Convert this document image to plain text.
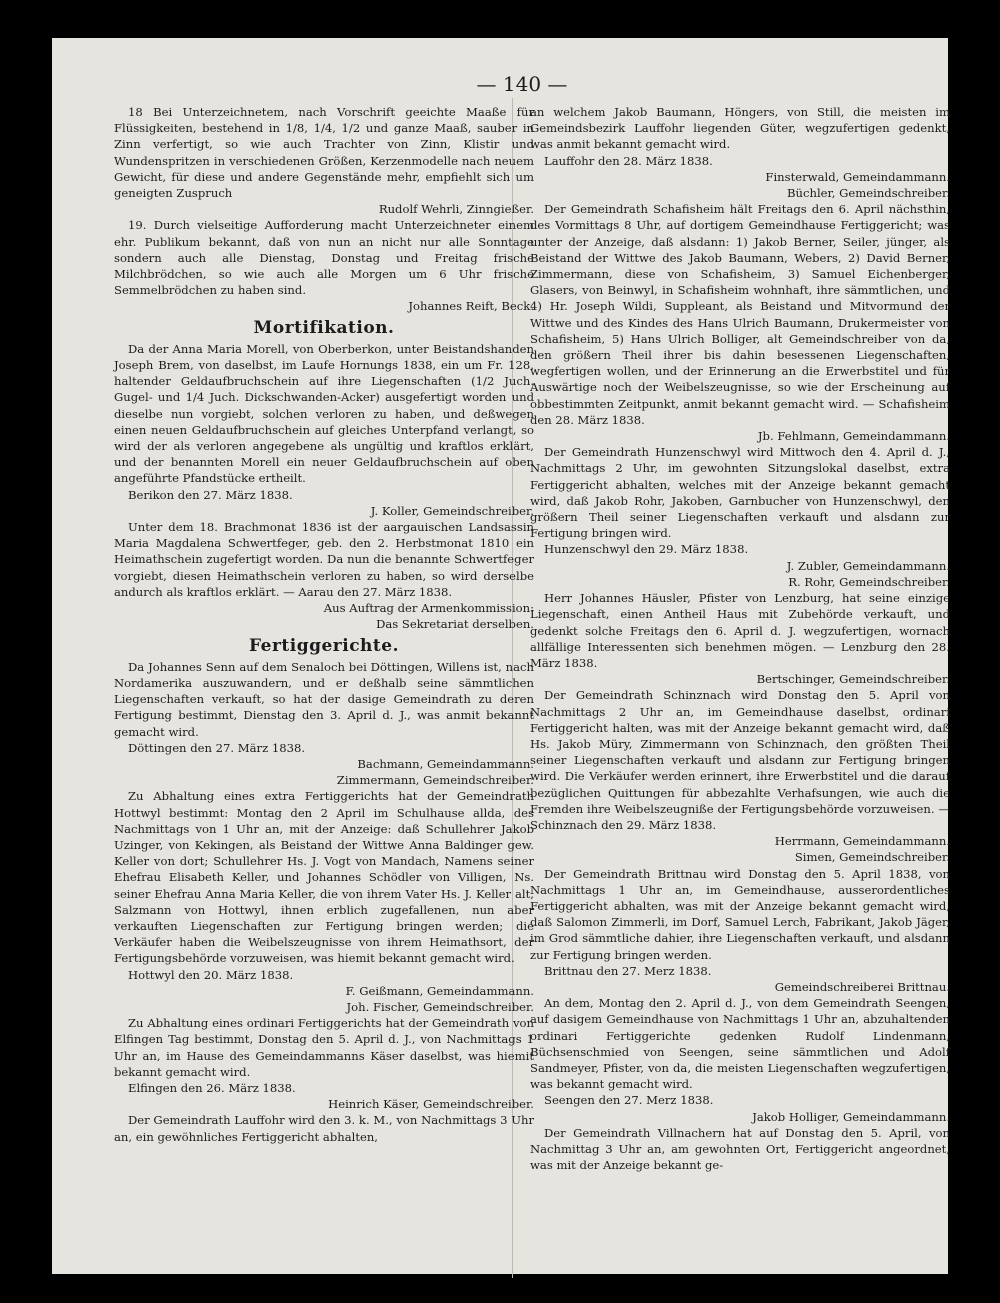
— 140 —

18 Bei Unterzeichnetem, nach Vorschrift geeichte Maaße für Flüssigkeiten, bestehend in 1/8, 1/4, 1/2 und ganze Maaß, sauber in Zinn verfertigt, so wie auch Trachter von Zinn, Klistir und Wundenspritzen in verschiedenen Größen, Kerzenmodelle nach neuem Gewicht, für diese und andere Gegenstände mehr, empfiehlt sich um geneigten Zuspruch

Rudolf Wehrli, Zinngießer.

19. Durch vielseitige Aufforderung macht Unterzeichneter einem ehr. Publikum bekannt, daß von nun an nicht nur alle Sonntage sondern auch alle Dienstag, Donstag und Freitag frische Milchbrödchen, so wie auch alle Morgen um 6 Uhr frische Semmelbrödchen zu haben sind.

Johannes Reift, Beck.

Mortifikation.

Da der Anna Maria Morell, von Oberberkon, unter Beistandshanden Joseph Brem, von daselbst, im Laufe Hornungs 1838, ein um Fr. 128. haltender Geldaufbruchschein auf ihre Liegenschaften (1/2 Juch. Gugel- und 1/4 Juch. Dickschwanden-Acker) ausgefertigt worden und dieselbe nun vorgiebt, solchen verloren zu haben, und deßwegen einen neuen Geldaufbruchschein auf gleiches Unterpfand verlangt, so wird der als verloren angegebene als ungültig und kraftlos erklärt, und der benannten Morell ein neuer Geldaufbruchschein auf oben angeführte Pfandstücke ertheilt.

Berikon den 27. März 1838.

J. Koller, Gemeindschreiber.

Unter dem 18. Brachmonat 1836 ist der aargauischen Landsassin Maria Magdalena Schwertfeger, geb. den 2. Herbstmonat 1810 ein Heimathschein zugefertigt worden. Da nun die benannte Schwertfeger vorgiebt, diesen Heimathschein verloren zu haben, so wird derselbe andurch als kraftlos erklärt. — Aarau den 27. März 1838.

Aus Auftrag der Armenkommission:

Das Sekretariat derselben.

Fertiggerichte.

Da Johannes Senn auf dem Senaloch bei Döttingen, Willens ist, nach Nordamerika auszuwandern, und er deßhalb seine sämmtlichen Liegenschaften verkauft, so hat der dasige Gemeindrath zu deren Fertigung bestimmt, Dienstag den 3. April d. J., was anmit bekannt gemacht wird.

Döttingen den 27. März 1838.

Bachmann, Gemeindammann.

Zimmermann, Gemeindschreiber.

Zu Abhaltung eines extra Fertiggerichts hat der Gemeindrath Hottwyl bestimmt: Montag den 2 April im Schulhause allda, des Nachmittags von 1 Uhr an, mit der Anzeige: daß Schullehrer Jakob Uzinger, von Kekingen, als Beistand der Wittwe Anna Baldinger gew. Keller von dort; Schullehrer Hs. J. Vogt von Mandach, Namens seiner Ehefrau Elisabeth Keller, und Johannes Schödler von Villigen, Ns. seiner Ehefrau Anna Maria Keller, die von ihrem Vater Hs. J. Keller alt, Salzmann von Hottwyl, ihnen erblich zugefallenen, nun aber verkauften Liegenschaften zur Fertigung bringen werden; die Verkäufer haben die Weibelszeugnisse von ihrem Heimathsort, der Fertigungsbehörde vorzuweisen, was hiemit bekannt gemacht wird.

Hottwyl den 20. März 1838.

F. Geißmann, Gemeindammann.

Joh. Fischer, Gemeindschreiber.

Zu Abhaltung eines ordinari Fertiggerichts hat der Gemeindrath von Elfingen Tag bestimmt, Donstag den 5. April d. J., von Nachmittags 1 Uhr an, im Hause des Gemeindammanns Käser daselbst, was hiemit bekannt gemacht wird.

Elfingen den 26. März 1838.

Heinrich Käser, Gemeindschreiber.

Der Gemeindrath Lauffohr wird den 3. k. M., von Nachmittags 3 Uhr an, ein gewöhnliches Fertiggericht abhalten,

an welchem Jakob Baumann, Höngers, von Still, die meisten im Gemeindsbezirk Lauffohr liegenden Güter, wegzufertigen gedenkt, was anmit bekannt gemacht wird.

Lauffohr den 28. März 1838.

Finsterwald, Gemeindammann.

Büchler, Gemeindschreiber.

Der Gemeindrath Schafisheim hält Freitags den 6. April nächsthin, des Vormittags 8 Uhr, auf dortigem Gemeindhause Fertiggericht; was unter der Anzeige, daß alsdann: 1) Jakob Berner, Seiler, jünger, als Beistand der Wittwe des Jakob Baumann, Webers, 2) David Berner, Zimmermann, diese von Schafisheim, 3) Samuel Eichenberger, Glasers, von Beinwyl, in Schafisheim wohnhaft, ihre sämmtlichen, und 4) Hr. Joseph Wildi, Suppleant, als Beistand und Mitvormund der Wittwe und des Kindes des Hans Ulrich Baumann, Drukermeister von Schafisheim, 5) Hans Ulrich Bolliger, alt Gemeindschreiber von da, den größern Theil ihrer bis dahin besessenen Liegenschaften, wegfertigen wollen, und der Erinnerung an die Erwerbstitel und für Auswärtige noch der Weibelszeugnisse, so wie der Erscheinung auf obbestimmten Zeitpunkt, anmit bekannt gemacht wird. — Schafisheim den 28. März 1838.

Jb. Fehlmann, Gemeindammann.

Der Gemeindrath Hunzenschwyl wird Mittwoch den 4. April d. J., Nachmittags 2 Uhr, im gewohnten Sitzungslokal daselbst, extra Fertiggericht abhalten, welches mit der Anzeige bekannt gemacht wird, daß Jakob Rohr, Jakoben, Garnbucher von Hunzenschwyl, den größern Theil seiner Liegenschaften verkauft und alsdann zur Fertigung bringen wird.

Hunzenschwyl den 29. März 1838.

J. Zubler, Gemeindammann.

R. Rohr, Gemeindschreiber.

Herr Johannes Häusler, Pfister von Lenzburg, hat seine einzige Liegenschaft, einen Antheil Haus mit Zubehörde verkauft, und gedenkt solche Freitags den 6. April d. J. wegzufertigen, wornach allfällige Interessenten sich benehmen mögen. — Lenzburg den 28. März 1838.

Bertschinger, Gemeindschreiber.

Der Gemeindrath Schinznach wird Donstag den 5. April von Nachmittags 2 Uhr an, im Gemeindhause daselbst, ordinari Fertiggericht halten, was mit der Anzeige bekannt gemacht wird, daß Hs. Jakob Müry, Zimmermann von Schinznach, den größten Theil seiner Liegenschaften verkauft und alsdann zur Fertigung bringen wird. Die Verkäufer werden erinnert, ihre Erwerbstitel und die darauf bezüglichen Quittungen für abbezahlte Verhafsungen, wie auch die Fremden ihre Weibelszeugniße der Fertigungsbehörde vorzuweisen. — Schinznach den 29. März 1838.

Herrmann, Gemeindammann.

Simen, Gemeindschreiber.

Der Gemeindrath Brittnau wird Donstag den 5. April 1838, von Nachmittags 1 Uhr an, im Gemeindhause, ausserordentliches Fertiggericht abhalten, was mit der Anzeige bekannt gemacht wird, daß Salomon Zimmerli, im Dorf, Samuel Lerch, Fabrikant, Jakob Jäger, im Grod sämmtliche dahier, ihre Liegenschaften verkauft, und alsdann zur Fertigung bringen werden.

Brittnau den 27. Merz 1838.

Gemeindschreiberei Brittnau.

An dem, Montag den 2. April d. J., von dem Gemeindrath Seengen, auf dasigem Gemeindhause von Nachmittags 1 Uhr an, abzuhaltenden ordinari Fertiggerichte gedenken Rudolf Lindenmann, Büchsenschmied von Seengen, seine sämmtlichen und Adolf Sandmeyer, Pfister, von da, die meisten Liegenschaften wegzufertigen, was bekannt gemacht wird.

Seengen den 27. Merz 1838.

Jakob Holliger, Gemeindammann.

Der Gemeindrath Villnachern hat auf Donstag den 5. April, von Nachmittag 3 Uhr an, am gewohnten Ort, Fertiggericht angeordnet, was mit der Anzeige bekannt ge-
